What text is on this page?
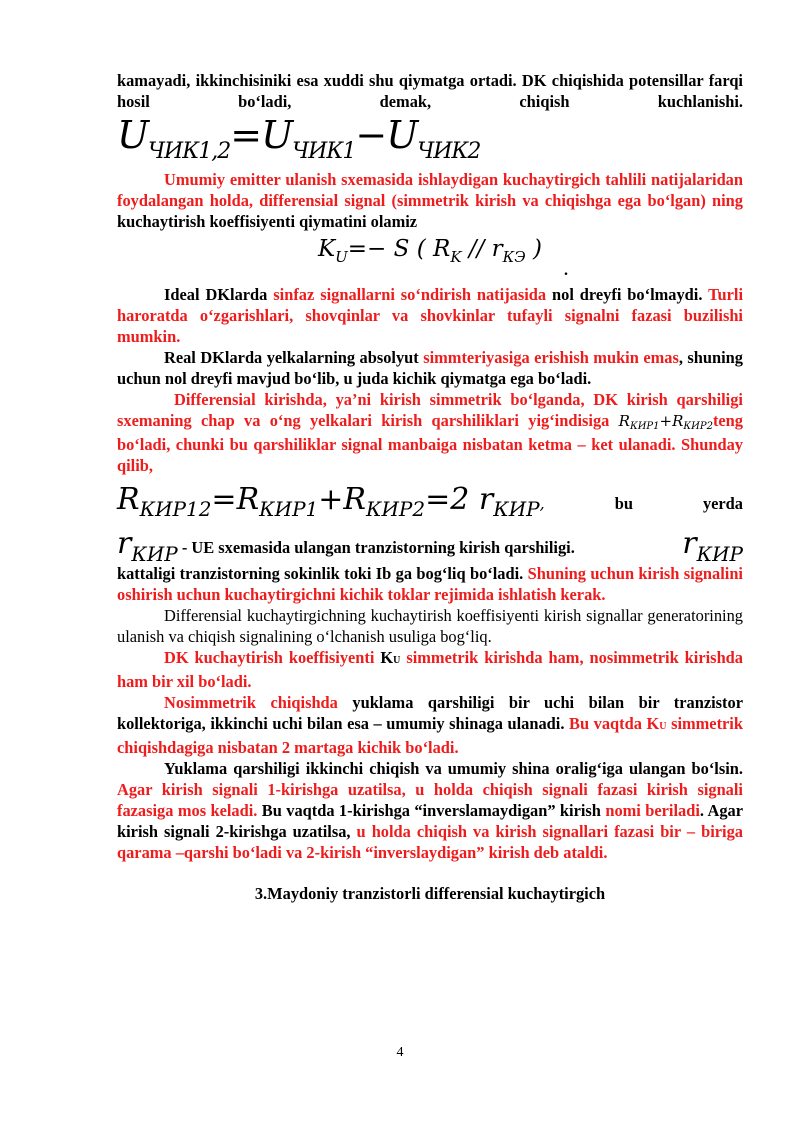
kamayadi, ikkinchisiniki esa xuddi shu qiymatga ortadi. DK chiqishida potensillar farqi hosil bo‘ladi, demak, chiqish kuchlanishi.

$U_{ЧИК1,2}=U_{ЧИК1}-U_{ЧИК2}$

Umumiy emitter ulanish sxemasida ishlaydigan kuchaytirgich tahlili natijalaridan foydalangan holda, differensial signal (simmetrik kirish va chiqishga ega bo‘lgan) ning kuchaytirish koeffisiyenti qiymatini olamiz

$K_U=- S$ ( $R_K // r_{КЭ}$ )
.

Ideal DKlarda sinfaz signallarni so‘ndirish natijasida nol dreyfi bo‘lmaydi. Turli haroratda o‘zgarishlari, shovqinlar va shovkinlar tufayli signalni fazasi buzilishi mumkin.

Real DKlarda yelkalarning absolyut simmteriyasiga erishish mukin emas, shuning uchun nol dreyfi mavjud bo‘lib, u juda kichik qiymatga ega bo‘ladi.

Differensial kirishda, ya’ni kirish simmetrik bo‘lganda, DK kirish qarshiligi sxemaning chap va o‘ng yelkalari kirish qarshiliklari yig‘indisiga $R_{КИР1}+R_{КИР2}teng$ bo‘ladi, chunki bu qarshiliklar signal manbaiga nisbatan ketma – ket ulanadi. Shunday qilib,

$R_{КИР12}=R_{КИР1}+R_{КИР2}=2$ $r_{КИР}$,	bu	yerda
$r_{КИР}$ - UE sxemasida ulangan tranzistorning kirish qarshiligi.	$r_{КИР}$

kattaligi tranzistorning sokinlik toki Ib ga bog‘liq bo‘ladi. Shuning uchun kirish signalini oshirish uchun kuchaytirgichni kichik toklar rejimida ishlatish kerak.

Differensial kuchaytirgichning kuchaytirish koeffisiyenti kirish signallar generatorining ulanish va chiqish signalining o‘lchanish usuliga bog‘liq.

DK kuchaytirish koeffisiyenti KU simmetrik kirishda ham, nosimmetrik kirishda ham bir xil bo‘ladi.

Nosimmetrik chiqishda yuklama qarshiligi bir uchi bilan bir tranzistor kollektoriga, ikkinchi uchi bilan esa – umumiy shinaga ulanadi. Bu vaqtda KU simmetrik chiqishdagiga nisbatan 2 martaga kichik bo‘ladi.

Yuklama qarshiligi ikkinchi chiqish va umumiy shina oralig‘iga ulangan bo‘lsin. Agar kirish signali 1-kirishga uzatilsa, u holda chiqish signali fazasi kirish signali fazasiga mos keladi. Bu vaqtda 1-kirishga “inverslamaydigan” kirish nomi beriladi. Agar kirish signali 2-kirishga uzatilsa, u holda chiqish va kirish signallari fazasi bir – biriga qarama –qarshi bo‘ladi va 2-kirish “inverslaydigan” kirish deb ataldi.

3.Maydoniy tranzistorli differensial kuchaytirgich

4
